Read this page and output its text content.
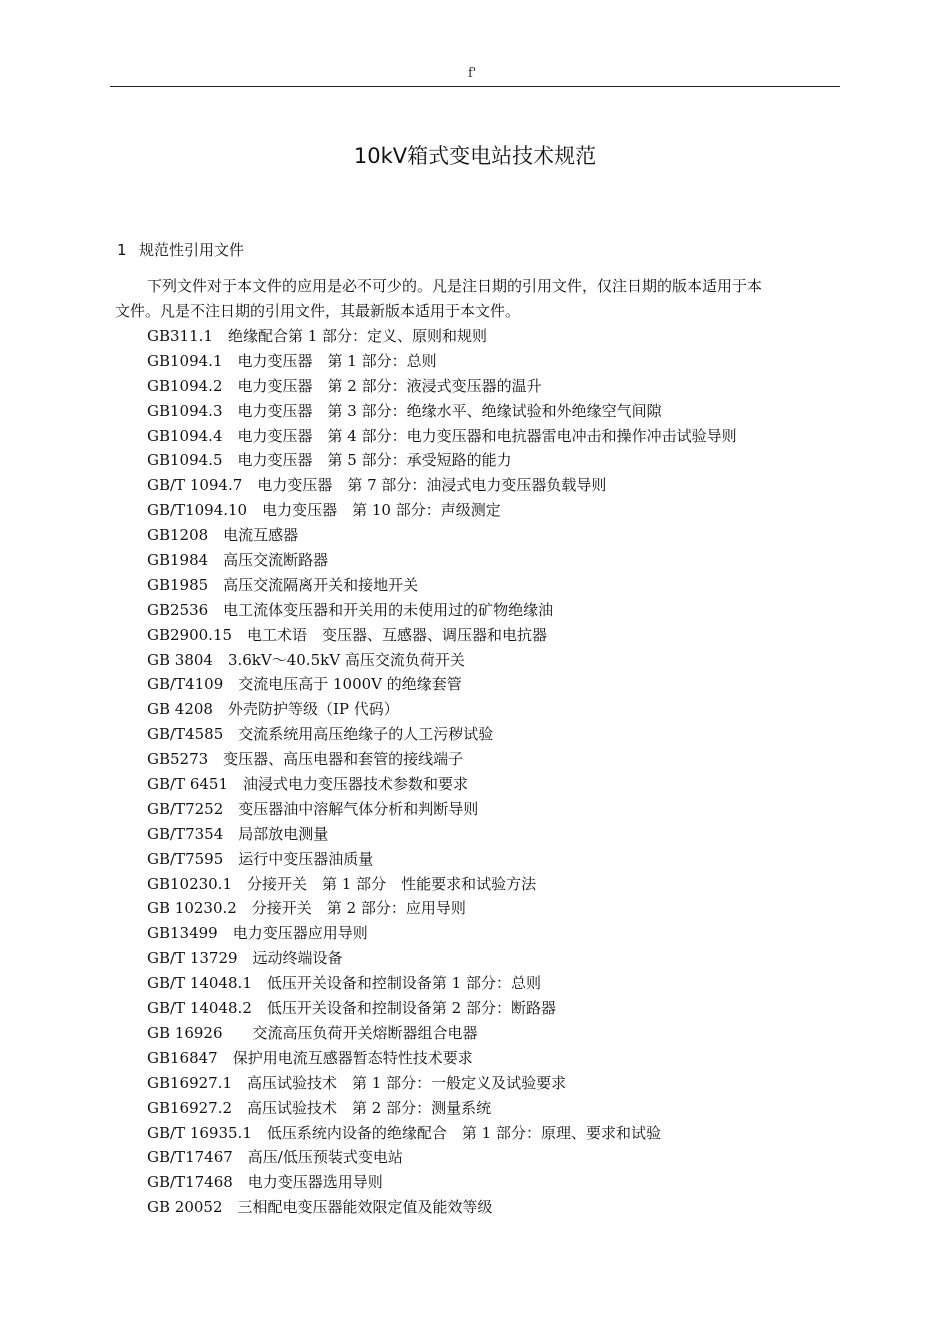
f'
10kV箱式变电站技术规范
1 规范性引用文件
下列文件对于本文件的应用是必不可少的。凡是注日期的引用文件，仅注日期的版本适用于本
文件。凡是不注日期的引用文件，其最新版本适用于本文件。
GB311.1　绝缘配合第 1 部分：定义、原则和规则
GB1094.1　电力变压器　第 1 部分：总则
GB1094.2　电力变压器　第 2 部分：液浸式变压器的温升
GB1094.3　电力变压器　第 3 部分：绝缘水平、绝缘试验和外绝缘空气间隙
GB1094.4　电力变压器　第 4 部分：电力变压器和电抗器雷电冲击和操作冲击试验导则
GB1094.5　电力变压器　第 5 部分：承受短路的能力
GB/T 1094.7　电力变压器　第 7 部分：油浸式电力变压器负载导则
GB/T1094.10　电力变压器　第 10 部分：声级测定
GB1208　电流互感器
GB1984　高压交流断路器
GB1985　高压交流隔离开关和接地开关
GB2536　电工流体变压器和开关用的未使用过的矿物绝缘油
GB2900.15　电工术语　变压器、互感器、调压器和电抗器
GB 3804　3.6kV～40.5kV 高压交流负荷开关
GB/T4109　交流电压高于 1000V 的绝缘套管
GB 4208　外壳防护等级（IP 代码）
GB/T4585　交流系统用高压绝缘子的人工污秽试验
GB5273　变压器、高压电器和套管的接线端子
GB/T 6451　油浸式电力变压器技术参数和要求
GB/T7252　变压器油中溶解气体分析和判断导则
GB/T7354　局部放电测量
GB/T7595　运行中变压器油质量
GB10230.1　分接开关　第 1 部分　性能要求和试验方法
GB 10230.2　分接开关　第 2 部分：应用导则
GB13499　电力变压器应用导则
GB/T 13729　远动终端设备
GB/T 14048.1　低压开关设备和控制设备第 1 部分：总则
GB/T 14048.2　低压开关设备和控制设备第 2 部分：断路器
GB 16926　　交流高压负荷开关熔断器组合电器
GB16847　保护用电流互感器暂态特性技术要求
GB16927.1　高压试验技术　第 1 部分：一般定义及试验要求
GB16927.2　高压试验技术　第 2 部分：测量系统
GB/T 16935.1　低压系统内设备的绝缘配合　第 1 部分：原理、要求和试验
GB/T17467　高压/低压预装式变电站
GB/T17468　电力变压器选用导则
GB 20052　三相配电变压器能效限定值及能效等级
